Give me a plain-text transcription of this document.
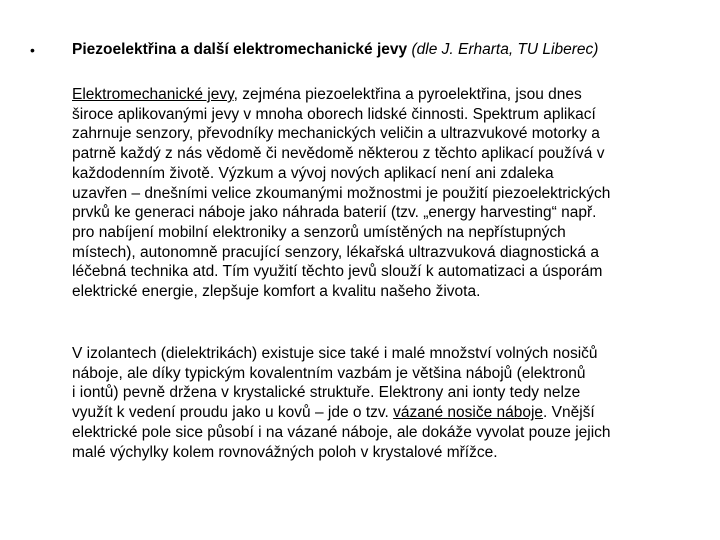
• Piezoelektřina a další elektromechanické jevy (dle J. Erharta, TU Liberec)
Elektromechanické jevy, zejména piezoelektřina a pyroelektřina, jsou dnes
široce aplikovanými jevy v mnoha oborech lidské činnosti. Spektrum aplikací
zahrnuje senzory, převodníky mechanických veličin a ultrazvukové motorky a
patrně každý z nás vědomě či nevědomě některou z těchto aplikací používá v
každodenním životě. Výzkum a vývoj nových aplikací není ani zdaleka
uzavřen – dnešními velice zkoumanými možnostmi je použití piezoelektrických
prvků ke generaci náboje jako náhrada baterií (tzv. „energy harvesting“ např.
pro nabíjení mobilní elektroniky a senzorů umístěných na nepřístupných
místech), autonomně pracující senzory, lékařská ultrazvuková diagnostická a
léčebná technika atd. Tím využití těchto jevů slouží k automatizaci a úsporám
elektrické energie, zlepšuje komfort a kvalitu našeho života.
V izolantech (dielektrikách) existuje sice také i malé množství volných nosičů
náboje, ale díky typickým kovalentním vazbám je většina nábojů (elektronů
i iontů) pevně držena v krystalické struktuře. Elektrony ani ionty tedy nelze
využít k vedení proudu jako u kovů – jde o tzv. vázané nosiče náboje. Vnější
elektrické pole sice působí i na vázané náboje, ale dokáže vyvolat pouze jejich
malé výchylky kolem rovnovážných poloh v krystalové mřížce.
